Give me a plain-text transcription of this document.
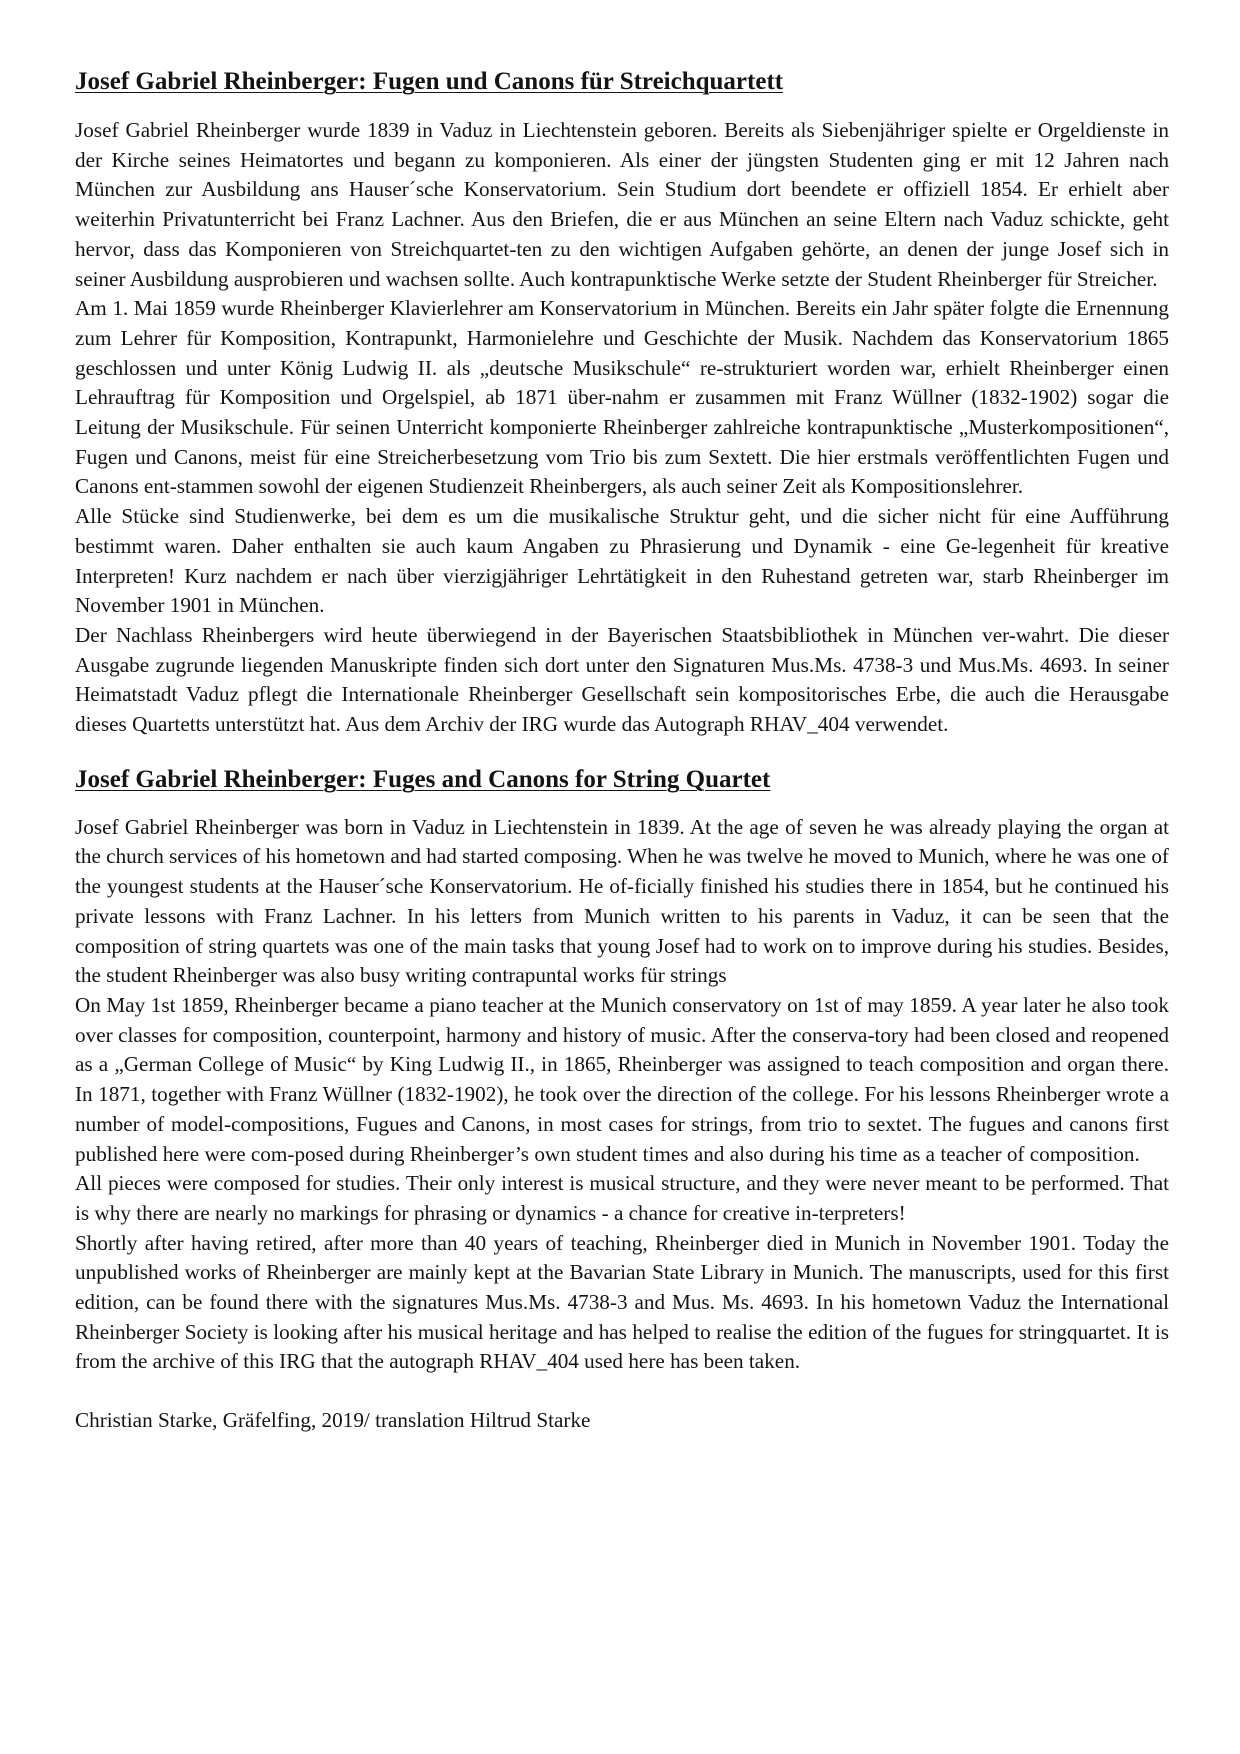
Josef Gabriel Rheinberger: Fugen und Canons für Streichquartett

Josef Gabriel Rheinberger wurde 1839 in Vaduz in Liechtenstein geboren. Bereits als Siebenjähriger spielte er Orgeldienste in der Kirche seines Heimatortes und begann zu komponieren. Als einer der jüngsten Studenten ging er mit 12 Jahren nach München zur Ausbildung ans Hauser´sche Konservatorium. Sein Studium dort beendete er offiziell 1854. Er erhielt aber weiterhin Privatunterricht bei Franz Lachner. Aus den Briefen, die er aus München an seine Eltern nach Vaduz schickte, geht hervor, dass das Komponieren von Streichquartet-ten zu den wichtigen Aufgaben gehörte, an denen der junge Josef sich in seiner Ausbildung ausprobieren und wachsen sollte. Auch kontrapunktische Werke setzte der Student Rheinberger für Streicher.

Am 1. Mai 1859 wurde Rheinberger Klavierlehrer am Konservatorium in München. Bereits ein Jahr später folgte die Ernennung zum Lehrer für Komposition, Kontrapunkt, Harmonielehre und Geschichte der Musik. Nachdem das Konservatorium 1865 geschlossen und unter König Ludwig II. als „deutsche Musikschule“ re-strukturiert worden war, erhielt Rheinberger einen Lehrauftrag für Komposition und Orgelspiel, ab 1871 über-nahm er zusammen mit Franz Wüllner (1832-1902) sogar die Leitung der Musikschule. Für seinen Unterricht komponierte Rheinberger zahlreiche kontrapunktische „Musterkompositionen“, Fugen und Canons, meist für eine Streicherbesetzung vom Trio bis zum Sextett. Die hier erstmals veröffentlichten Fugen und Canons ent-stammen sowohl der eigenen Studienzeit Rheinbergers, als auch seiner Zeit als Kompositionslehrer.

Alle Stücke sind Studienwerke, bei dem es um die musikalische Struktur geht, und die sicher nicht für eine Aufführung bestimmt waren. Daher enthalten sie auch kaum Angaben zu Phrasierung und Dynamik - eine Ge-legenheit für kreative Interpreten! Kurz nachdem er nach über vierzigjähriger Lehrtätigkeit in den Ruhestand getreten war, starb Rheinberger im November 1901 in München.

Der Nachlass Rheinbergers wird heute überwiegend in der Bayerischen Staatsbibliothek in München ver-wahrt. Die dieser Ausgabe zugrunde liegenden Manuskripte finden sich dort unter den Signaturen Mus.Ms. 4738-3 und Mus.Ms. 4693. In seiner Heimatstadt Vaduz pflegt die Internationale Rheinberger Gesellschaft sein kompositorisches Erbe, die auch die Herausgabe dieses Quartetts unterstützt hat. Aus dem Archiv der IRG wurde das Autograph RHAV_404 verwendet.

Josef Gabriel Rheinberger: Fuges and Canons for String Quartet

Josef Gabriel Rheinberger was born in Vaduz in Liechtenstein in 1839. At the age of seven he was already playing the organ at the church services of his hometown and had started composing. When he was twelve he moved to Munich, where he was one of the youngest students at the Hauser´sche Konservatorium. He of-ficially finished his studies there in 1854, but he continued his private lessons with Franz Lachner. In his letters from Munich written to his parents in Vaduz, it can be seen that the composition of string quartets was one of the main tasks that young Josef had to work on to improve during his studies. Besides, the student Rheinberger was also busy writing contrapuntal works für strings

On May 1st 1859, Rheinberger became a piano teacher at the Munich conservatory on 1st of may 1859. A year later he also took over classes for composition, counterpoint, harmony and history of music. After the conserva-tory had been closed and reopened as a „German College of Music“ by King Ludwig II., in 1865, Rheinberger was assigned to teach composition and organ there. In 1871, together with Franz Wüllner (1832-1902), he took over the direction of the college. For his lessons Rheinberger wrote a number of model-compositions, Fugues and Canons, in most cases for strings, from trio to sextet. The fugues and canons first published here were com-posed during Rheinberger’s own student times and also during his time as a teacher of composition.

All pieces were composed for studies. Their only interest is musical structure, and they were never meant to be performed. That is why there are nearly no markings for phrasing or dynamics - a chance for creative in-terpreters!

Shortly after having retired, after more than 40 years of teaching, Rheinberger died in Munich in November 1901. Today the unpublished works of Rheinberger are mainly kept at the Bavarian State Library in Munich. The manuscripts, used for this first edition, can be found there with the signatures Mus.Ms. 4738-3 and Mus. Ms. 4693. In his hometown Vaduz the International Rheinberger Society is looking after his musical heritage and has helped to realise the edition of the fugues for stringquartet. It is from the archive of this IRG that the autograph RHAV_404 used here has been taken.

Christian Starke, Gräfelfing, 2019/ translation Hiltrud Starke
